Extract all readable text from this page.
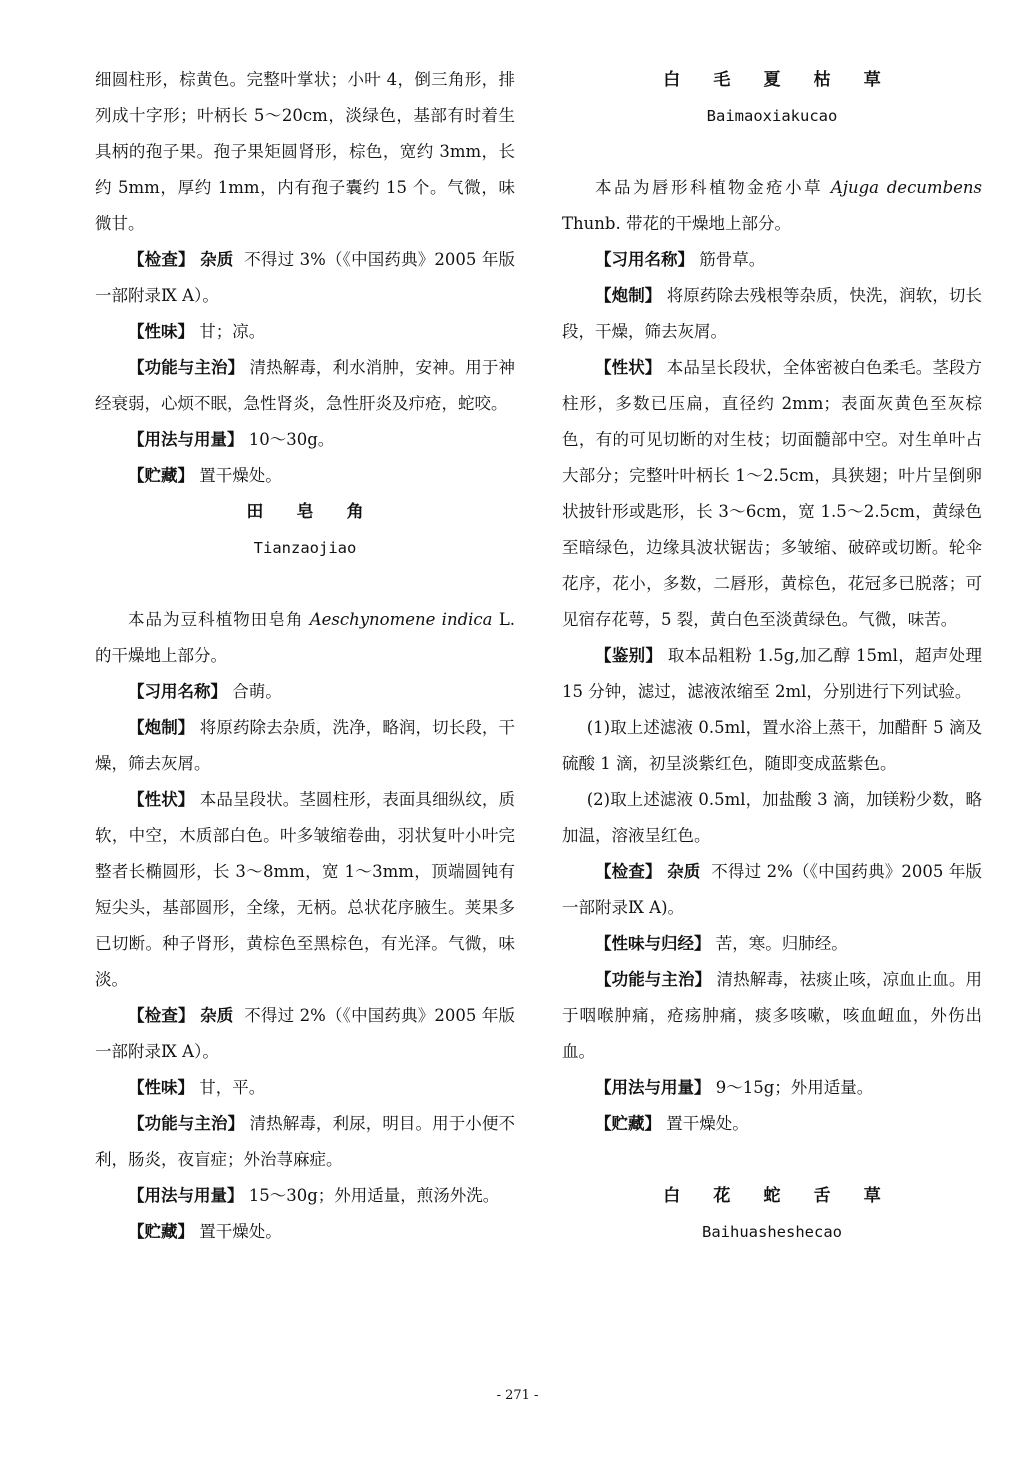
细圆柱形，棕黄色。完整叶掌状；小叶 4，倒三角形，排列成十字形；叶柄长 5～20cm，淡绿色，基部有时着生具柄的孢子果。孢子果矩圆肾形，棕色，宽约 3mm，长约 5mm，厚约 1mm，内有孢子囊约 15 个。气微，味微甘。

【检查】 杂质 不得过 3%（《中国药典》2005 年版一部附录Ⅸ A）。

【性味】 甘；凉。

【功能与主治】 清热解毒，利水消肿，安神。用于神经衰弱，心烦不眠，急性肾炎，急性肝炎及疖疮，蛇咬。

【用法与用量】 10～30g。

【贮藏】 置干燥处。

田 皂 角

Tianzaojiao

本品为豆科植物田皂角 Aeschynomene indica L. 的干燥地上部分。

【习用名称】 合萌。

【炮制】 将原药除去杂质，洗净，略润，切长段，干燥，筛去灰屑。

【性状】 本品呈段状。茎圆柱形，表面具细纵纹，质软，中空，木质部白色。叶多皱缩卷曲，羽状复叶小叶完整者长椭圆形，长 3～8mm，宽 1～3mm，顶端圆钝有短尖头，基部圆形，全缘，无柄。总状花序腋生。荚果多已切断。种子肾形，黄棕色至黑棕色，有光泽。气微，味淡。

【检查】 杂质 不得过 2%（《中国药典》2005 年版一部附录Ⅸ A）。

【性味】 甘，平。

【功能与主治】 清热解毒，利尿，明目。用于小便不利，肠炎，夜盲症；外治荨麻症。

【用法与用量】 15～30g；外用适量，煎汤外洗。

【贮藏】 置干燥处。

白 毛 夏 枯 草

Baimaoxiakucao

本品为唇形科植物金疮小草 Ajuga decumbens Thunb. 带花的干燥地上部分。

【习用名称】 筋骨草。

【炮制】 将原药除去残根等杂质，快洗，润软，切长段，干燥，筛去灰屑。

【性状】 本品呈长段状，全体密被白色柔毛。茎段方柱形，多数已压扁，直径约 2mm；表面灰黄色至灰棕色，有的可见切断的对生枝；切面髓部中空。对生单叶占大部分；完整叶叶柄长 1～2.5cm，具狭翅；叶片呈倒卵状披针形或匙形，长 3～6cm，宽 1.5～2.5cm，黄绿色至暗绿色，边缘具波状锯齿；多皱缩、破碎或切断。轮伞花序，花小，多数，二唇形，黄棕色，花冠多已脱落；可见宿存花萼，5 裂，黄白色至淡黄绿色。气微，味苦。

【鉴别】 取本品粗粉 1.5g,加乙醇 15ml，超声处理 15 分钟，滤过，滤液浓缩至 2ml，分别进行下列试验。

(1)取上述滤液 0.5ml，置水浴上蒸干，加醋酐 5 滴及硫酸 1 滴，初呈淡紫红色，随即变成蓝紫色。

(2)取上述滤液 0.5ml，加盐酸 3 滴，加镁粉少数，略加温，溶液呈红色。

【检查】 杂质 不得过 2%（《中国药典》2005 年版一部附录Ⅸ A)。

【性味与归经】 苦，寒。归肺经。

【功能与主治】 清热解毒，祛痰止咳，凉血止血。用于咽喉肿痛，疮疡肿痛，痰多咳嗽，咳血衄血，外伤出血。

【用法与用量】 9～15g；外用适量。

【贮藏】 置干燥处。

白 花 蛇 舌 草

Baihuasheshecao

- 271 -
